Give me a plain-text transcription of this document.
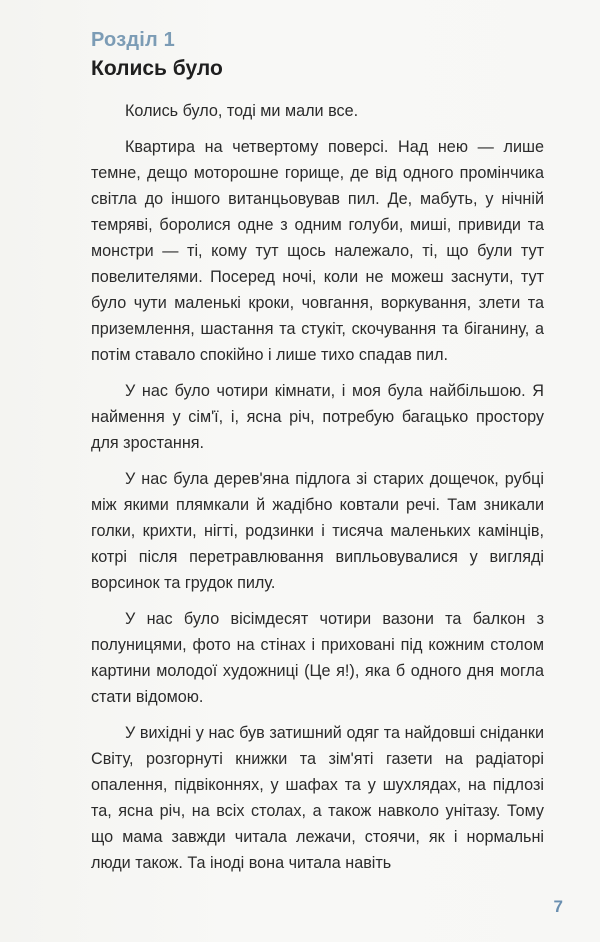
Розділ 1
Колись було

Колись було, тоді ми мали все.

Квартира на четвертому поверсі. Над нею — лише темне, дещо моторошне горище, де від одного промінчика світла до іншого витанцьовував пил. Де, мабуть, у нічній темряві, боролися одне з одним голуби, миші, привиди та монстри — ті, кому тут щось належало, ті, що були тут повелителями. Посеред ночі, коли не можеш заснути, тут було чути маленькі кроки, човгання, воркування, злети та приземлення, шастання та стукіт, скочування та біганину, а потім ставало спокійно і лише тихо спадав пил.

У нас було чотири кімнати, і моя була найбільшою. Я наймення у сім'ї, і, ясна річ, потребую багацько простору для зростання.

У нас була дерев'яна підлога зі старих дощечок, рубці між якими плямкали й жадібно ковтали речі. Там зникали голки, крихти, нігті, родзинки і тисяча маленьких камінців, котрі після перетравлювання випльовувалися у вигляді ворсинок та грудок пилу.

У нас було вісімдесят чотири вазони та балкон з полуницями, фото на стінах і приховані під кожним столом картини молодої художниці (Це я!), яка б одного дня могла стати відомою.

У вихідні у нас був затишний одяг та найдовші сніданки Світу, розгорнуті книжки та зім'яті газети на радіаторі опалення, підвіконнях, у шафах та у шухлядах, на підлозі та, ясна річ, на всіх столах, а також навколо унітазу. Тому що мама завжди читала лежачи, стоячи, як і нормальні люди також. Та іноді вона читала навіть

7
